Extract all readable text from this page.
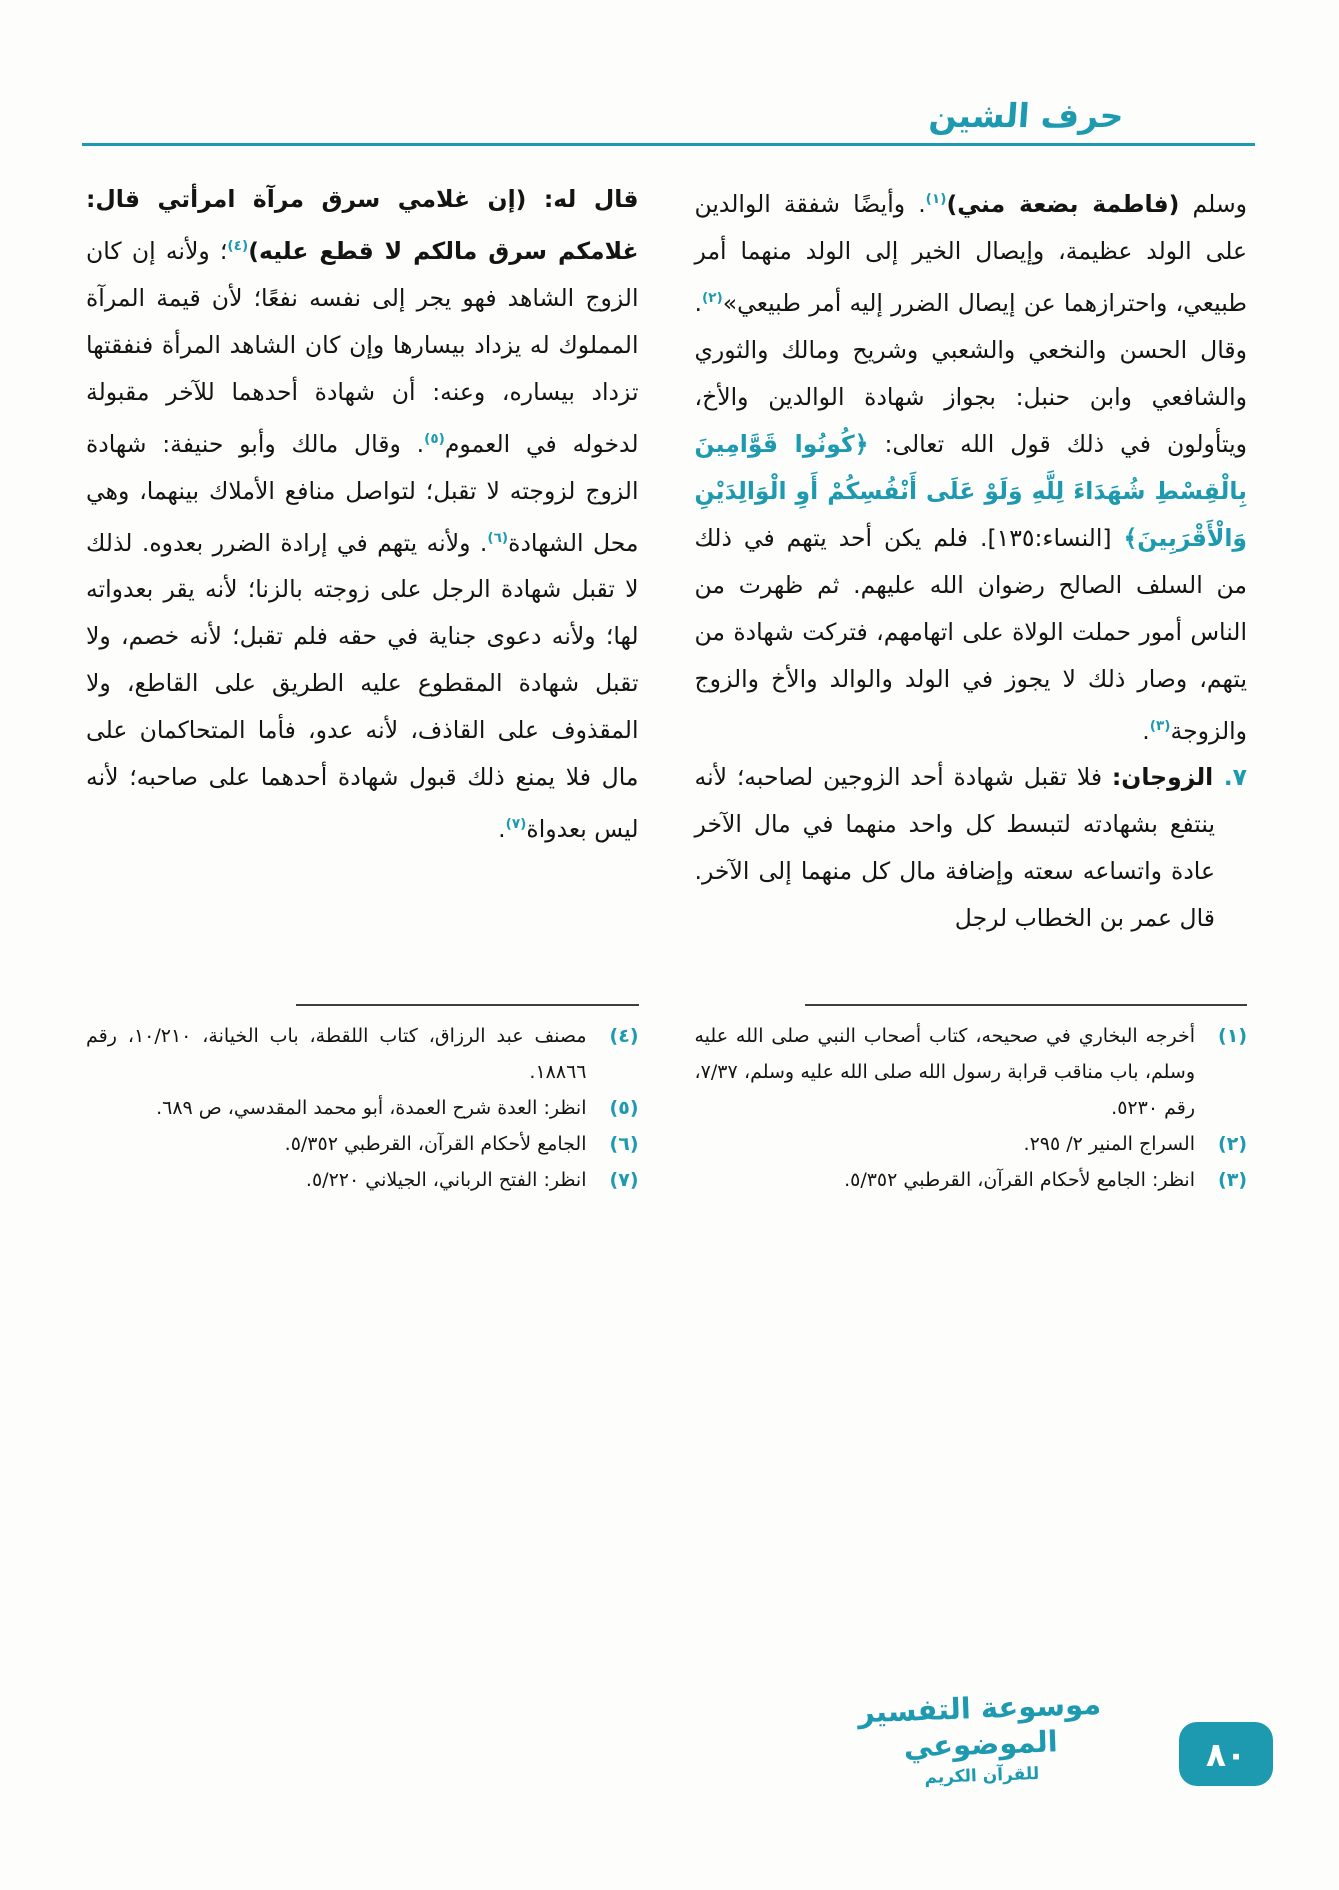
حرف الشين

وسلم (فاطمة بضعة مني)$^{(١)}$. وأيضًا شفقة الوالدين على الولد عظيمة، وإيصال الخير إلى الولد منهما أمر طبيعي، واحترازهما عن إيصال الضرر إليه أمر طبيعي»$^{(٢)}$. وقال الحسن والنخعي والشعبي وشريح ومالك والثوري والشافعي وابن حنبل: بجواز شهادة الوالدين والأخ، ويتأولون في ذلك قول الله تعالى: ﴿كُونُوا قَوَّامِينَ بِالْقِسْطِ شُهَدَاءَ لِلَّهِ وَلَوْ عَلَى أَنْفُسِكُمْ أَوِ الْوَالِدَيْنِ وَالْأَقْرَبِينَ﴾ [النساء:١٣٥]. فلم يكن أحد يتهم في ذلك من السلف الصالح رضوان الله عليهم. ثم ظهرت من الناس أمور حملت الولاة على اتهامهم، فتركت شهادة من يتهم، وصار ذلك لا يجوز في الولد والوالد والأخ والزوج والزوجة$^{(٣)}$.

٧. الزوجان: فلا تقبل شهادة أحد الزوجين لصاحبه؛ لأنه ينتفع بشهادته لتبسط كل واحد منهما في مال الآخر عادة واتساعه سعته وإضافة مال كل منهما إلى الآخر. قال عمر بن الخطاب لرجل

قال له: (إن غلامي سرق مرآة امرأتي قال: غلامكم سرق مالكم لا قطع عليه)$^{(٤)}$؛ ولأنه إن كان الزوج الشاهد فهو يجر إلى نفسه نفعًا؛ لأن قيمة المرآة المملوك له يزداد بيسارها وإن كان الشاهد المرأة فنفقتها تزداد بيساره، وعنه: أن شهادة أحدهما للآخر مقبولة لدخوله في العموم$^{(٥)}$. وقال مالك وأبو حنيفة: شهادة الزوج لزوجته لا تقبل؛ لتواصل منافع الأملاك بينهما، وهي محل الشهادة$^{(٦)}$. ولأنه يتهم في إرادة الضرر بعدوه. لذلك لا تقبل شهادة الرجل على زوجته بالزنا؛ لأنه يقر بعدواته لها؛ ولأنه دعوى جناية في حقه فلم تقبل؛ لأنه خصم، ولا تقبل شهادة المقطوع عليه الطريق على القاطع، ولا المقذوف على القاذف، لأنه عدو، فأما المتحاكمان على مال فلا يمنع ذلك قبول شهادة أحدهما على صاحبه؛ لأنه ليس بعدواة$^{(٧)}$.

(١)
أخرجه البخاري في صحيحه، كتاب أصحاب النبي صلى الله عليه وسلم، باب مناقب قرابة رسول الله صلى الله عليه وسلم، ٧/٣٧، رقم ٥٢٣٠.
(٢)
السراج المنير ٢/ ٢٩٥.
(٣)
انظر: الجامع لأحكام القرآن، القرطبي ٥/٣٥٢.
(٤)
مصنف عبد الرزاق، كتاب اللقطة، باب الخيانة، ١٠/٢١٠، رقم ١٨٨٦٦.
(٥)
انظر: العدة شرح العمدة، أبو محمد المقدسي، ص ٦٨٩.
(٦)
الجامع لأحكام القرآن، القرطبي ٥/٣٥٢.
(٧)
انظر: الفتح الرباني، الجيلاني ٥/٢٢٠.
موسوعة التفسير الموضوعي
للقرآن الكريم
٨٠
